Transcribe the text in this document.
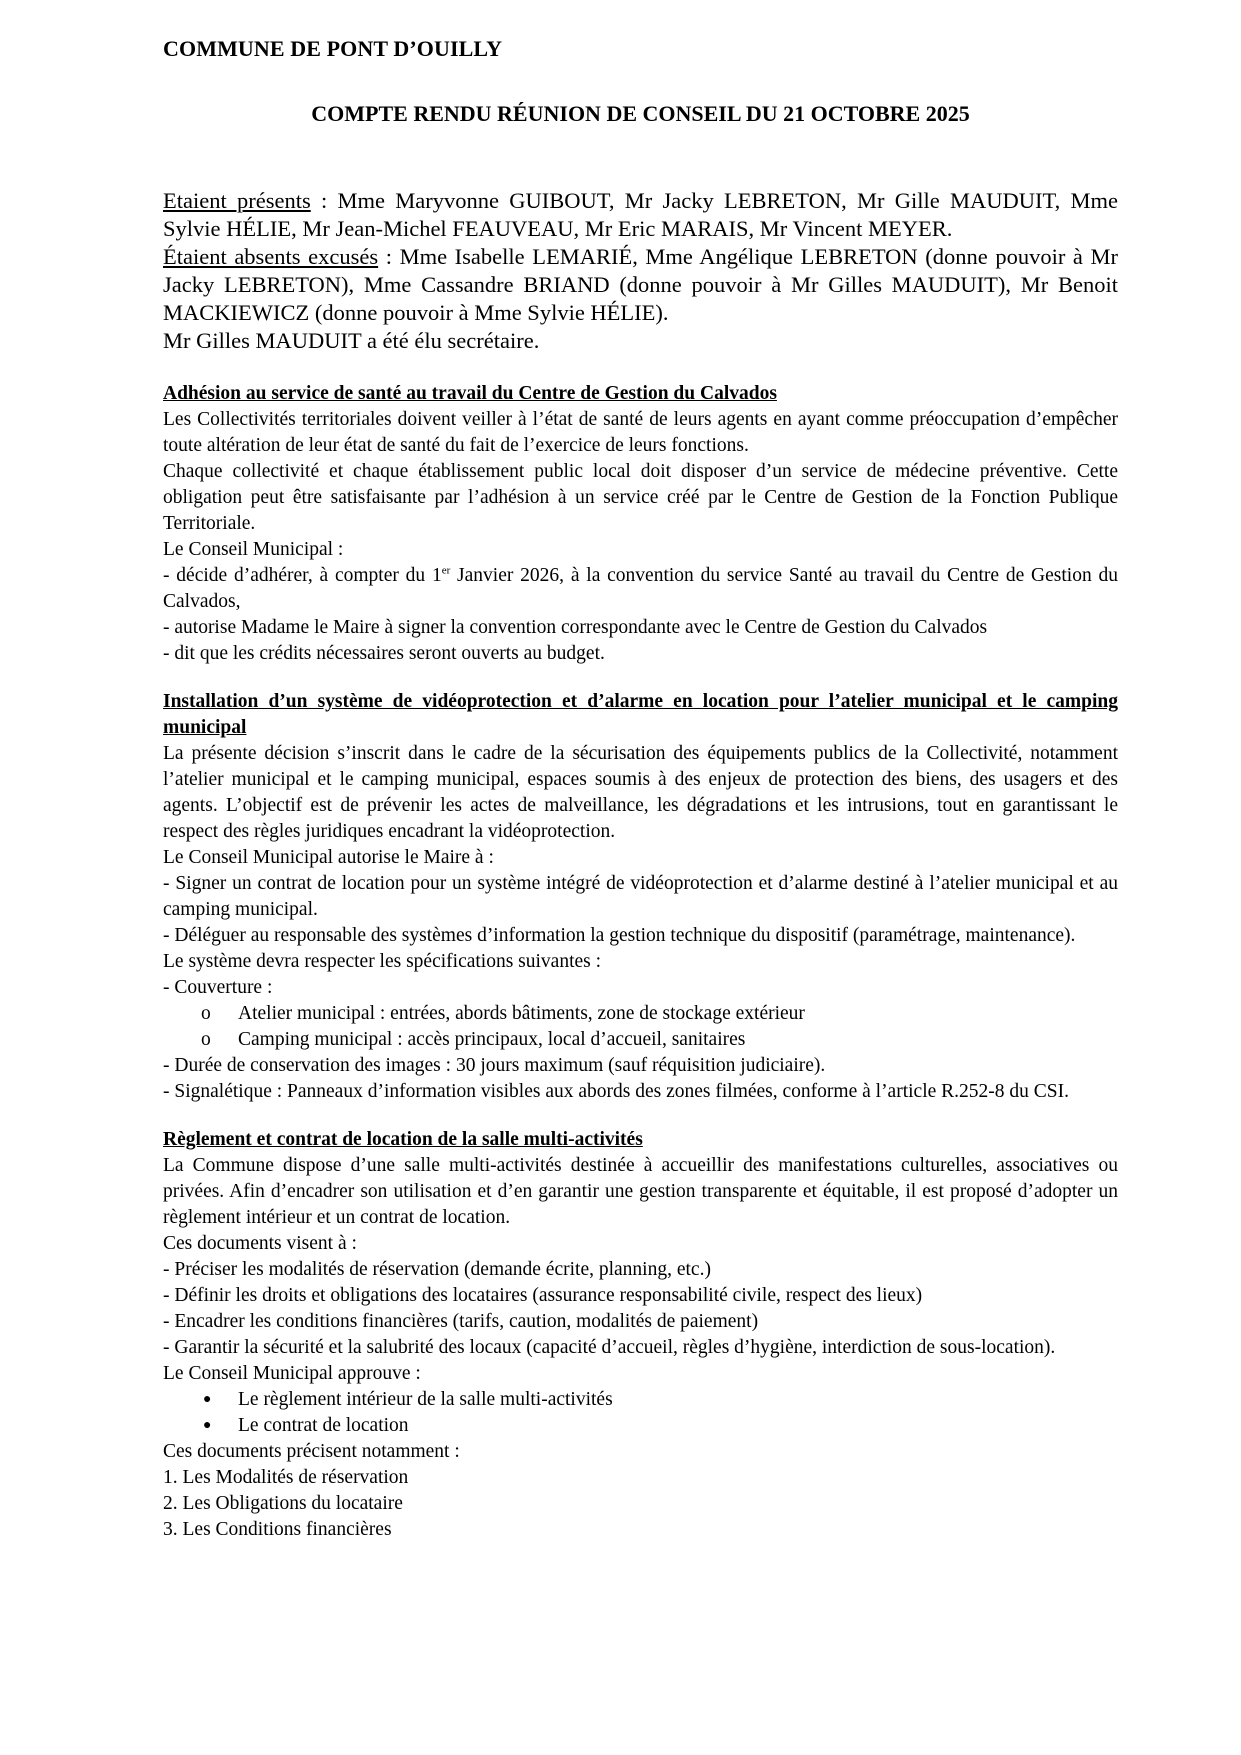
COMMUNE DE PONT D’OUILLY
COMPTE RENDU RÉUNION DE CONSEIL DU 21 OCTOBRE 2025

Etaient présents : Mme Maryvonne GUIBOUT, Mr Jacky LEBRETON, Mr Gille MAUDUIT, Mme Sylvie HÉLIE, Mr Jean-Michel FEAUVEAU, Mr Eric MARAIS, Mr Vincent MEYER.

Étaient absents excusés : Mme Isabelle LEMARIÉ, Mme Angélique LEBRETON (donne pouvoir à Mr Jacky LEBRETON), Mme Cassandre BRIAND (donne pouvoir à Mr Gilles MAUDUIT), Mr Benoit MACKIEWICZ (donne pouvoir à Mme Sylvie HÉLIE).

Mr Gilles MAUDUIT a été élu secrétaire.

Adhésion au service de santé au travail du Centre de Gestion du Calvados

Les Collectivités territoriales doivent veiller à l’état de santé de leurs agents en ayant comme préoccupation d’empêcher toute altération de leur état de santé du fait de l’exercice de leurs fonctions.

Chaque collectivité et chaque établissement public local doit disposer d’un service de médecine préventive. Cette obligation peut être satisfaisante par l’adhésion à un service créé par le Centre de Gestion de la Fonction Publique Territoriale.

Le Conseil Municipal :

- décide d’adhérer, à compter du 1er Janvier 2026, à la convention du service Santé au travail du Centre de Gestion du Calvados,

- autorise Madame le Maire à signer la convention correspondante avec le Centre de Gestion du Calvados

- dit que les crédits nécessaires seront ouverts au budget.

Installation d’un système de vidéoprotection et d’alarme en location pour l’atelier municipal et le camping municipal

La présente décision s’inscrit dans le cadre de la sécurisation des équipements publics de la Collectivité, notamment l’atelier municipal et le camping municipal, espaces soumis à des enjeux de protection des biens, des usagers et des agents. L’objectif est de prévenir les actes de malveillance, les dégradations et les intrusions, tout en garantissant le respect des règles juridiques encadrant la vidéoprotection.

Le Conseil Municipal autorise le Maire à :

- Signer un contrat de location pour un système intégré de vidéoprotection et d’alarme destiné à l’atelier municipal et au camping municipal.

- Déléguer au responsable des systèmes d’information la gestion technique du dispositif (paramétrage, maintenance).

Le système devra respecter les spécifications suivantes :

- Couverture :

o Atelier municipal : entrées, abords bâtiments, zone de stockage extérieur
o Camping municipal : accès principaux, local d’accueil, sanitaires

- Durée de conservation des images : 30 jours maximum (sauf réquisition judiciaire).

- Signalétique : Panneaux d’information visibles aux abords des zones filmées, conforme à l’article R.252-8 du CSI.

Règlement et contrat de location de la salle multi-activités

La Commune dispose d’une salle multi-activités destinée à accueillir des manifestations culturelles, associatives ou privées. Afin d’encadrer son utilisation et d’en garantir une gestion transparente et équitable, il est proposé d’adopter un règlement intérieur et un contrat de location.

Ces documents visent à :

- Préciser les modalités de réservation (demande écrite, planning, etc.)

- Définir les droits et obligations des locataires (assurance responsabilité civile, respect des lieux)

- Encadrer les conditions financières (tarifs, caution, modalités de paiement)

- Garantir la sécurité et la salubrité des locaux (capacité d’accueil, règles d’hygiène, interdiction de sous-location).

Le Conseil Municipal approuve :

● Le règlement intérieur de la salle multi-activités
● Le contrat de location

Ces documents précisent notamment :

1. Les Modalités de réservation

2. Les Obligations du locataire

3. Les Conditions financières
